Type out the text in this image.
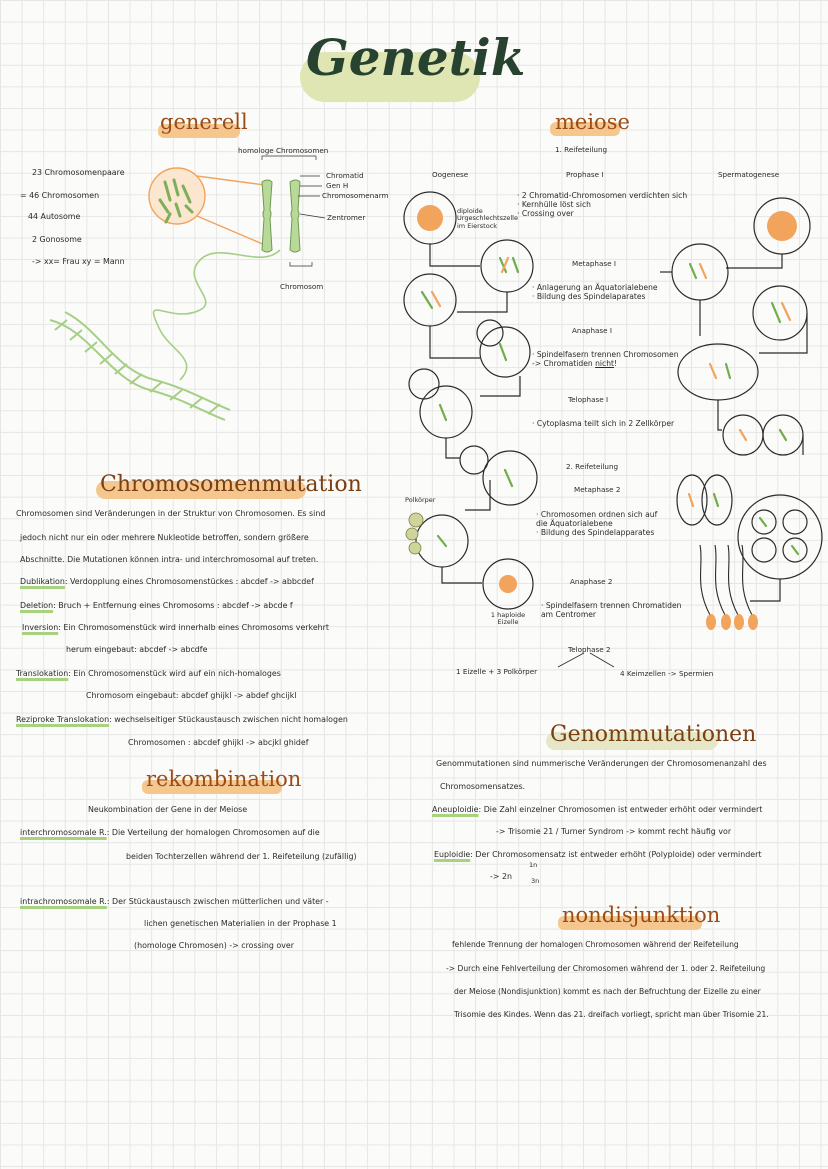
Genetik
generell
23 Chromosomenpaare
= 46 Chromosomen
44 Autosome
2 Gonosome
-> xx= Frau xy = Mann
homologe Chromosomen
Chromatid
Gen H
Chromosomenarm
Zentromer
Chromosom
meiose
1. Reifeteilung
Oogenese	Prophase I	Spermatogenese
diploide Urgeschlechtszelle im Eierstock
· 2 Chromatid-Chromosomen verdichten sich
· Kernhülle löst sich
· Crossing over
Metaphase I
· Anlagerung an Äquatorialebene
· Bildung des Spindelaparates
Anaphase I
· Spindelfasern trennen Chromosomen
-> Chromatiden nicht!
Telophase I
· Cytoplasma teilt sich in 2 Zellkörper
2. Reifeteilung
Metaphase 2
Polkörper
· Chromosomen ordnen sich auf die Äquatorialebene
· Bildung des Spindelapparates
Anaphase 2
· Spindelfasern trennen Chromatiden am Centromer
1 haploide Eizelle
Telophase 2
1 Eizelle + 3 Polkörper	4 Keimzellen -> Spermien
Chromosomenmutation
Chromosomen sind Veränderungen in der Struktur von Chromosomen. Es sind
jedoch nicht nur ein oder mehrere Nukleotide betroffen, sondern größere
Abschnitte. Die Mutationen können intra- und interchromosomal auf treten.
Dublikation: Verdopplung eines Chromosomenstückes : abcdef -> abbcdef
Deletion: Bruch + Entfernung eines Chromosoms : abcdef -> abcde f
Inversion: Ein Chromosomenstück wird innerhalb eines Chromosoms verkehrt
herum eingebaut: abcdef -> abcdfe
Translokation: Ein Chromosomenstück wird auf ein nich-homaloges
Chromosom eingebaut: abcdef ghijkl -> abdef ghcijkl
Reziproke Translokation: wechselseitiger Stückaustausch zwischen nicht homalogen
Chromosomen : abcdef ghijkl -> abcjkl ghidef
rekombination
Neukombination der Gene in der Meiose
interchromosomale R.: Die Verteilung der homalogen Chromosomen auf die
beiden Tochterzellen während der 1. Reifeteilung (zufällig)
intrachromosomale R.: Der Stückaustausch zwischen mütterlichen und väter -
lichen genetischen Materialien in der Prophase 1
(homologe Chromosen) -> crossing over
Genommutationen
Genommutationen sind nummerische Veränderungen der Chromosomenanzahl des
Chromosomensatzes.
Aneuploidie: Die Zahl einzelner Chromosomen ist entweder erhöht oder vermindert
-> Trisomie 21 / Turner Syndrom -> kommt recht häufig vor
Euploidie: Der Chromosomensatz ist entweder erhöht (Polyploide) oder vermindert
-> 2n
1n
3n
nondisjunktion
fehlende Trennung der homalogen Chromosomen während der Reifeteilung
-> Durch eine Fehlverteilung der Chromosomen während der 1. oder 2. Reifeteilung
der Meiose (Nondisjunktion) kommt es nach der Befruchtung der Eizelle zu einer
Trisomie des Kindes. Wenn das 21. dreifach vorliegt, spricht man über Trisomie 21.
